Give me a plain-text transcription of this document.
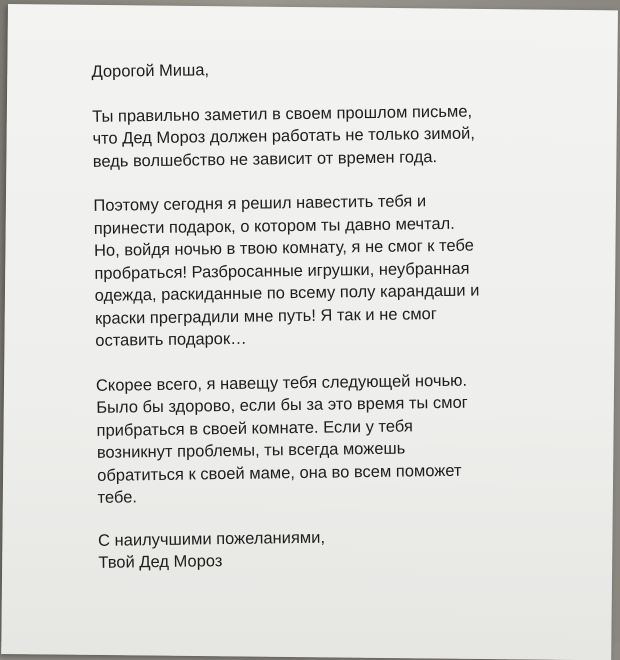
Дорогой Миша,

Ты правильно заметил в своем прошлом письме,
что Дед Мороз должен работать не только зимой,
ведь волшебство не зависит от времен года.

Поэтому сегодня я решил навестить тебя и
принести подарок, о котором ты давно мечтал.
Но, войдя ночью в твою комнату, я не смог к тебе
пробраться! Разбросанные игрушки, неубранная
одежда, раскиданные по всему полу карандаши и
краски преградили мне путь! Я так и не смог
оставить подарок…

Скорее всего, я навещу тебя следующей ночью.
Было бы здорово, если бы за это время ты смог
прибраться в своей комнате. Если у тебя
возникнут проблемы, ты всегда можешь
обратиться к своей маме, она во всем поможет
тебе.

С наилучшими пожеланиями,
Твой Дед Мороз
